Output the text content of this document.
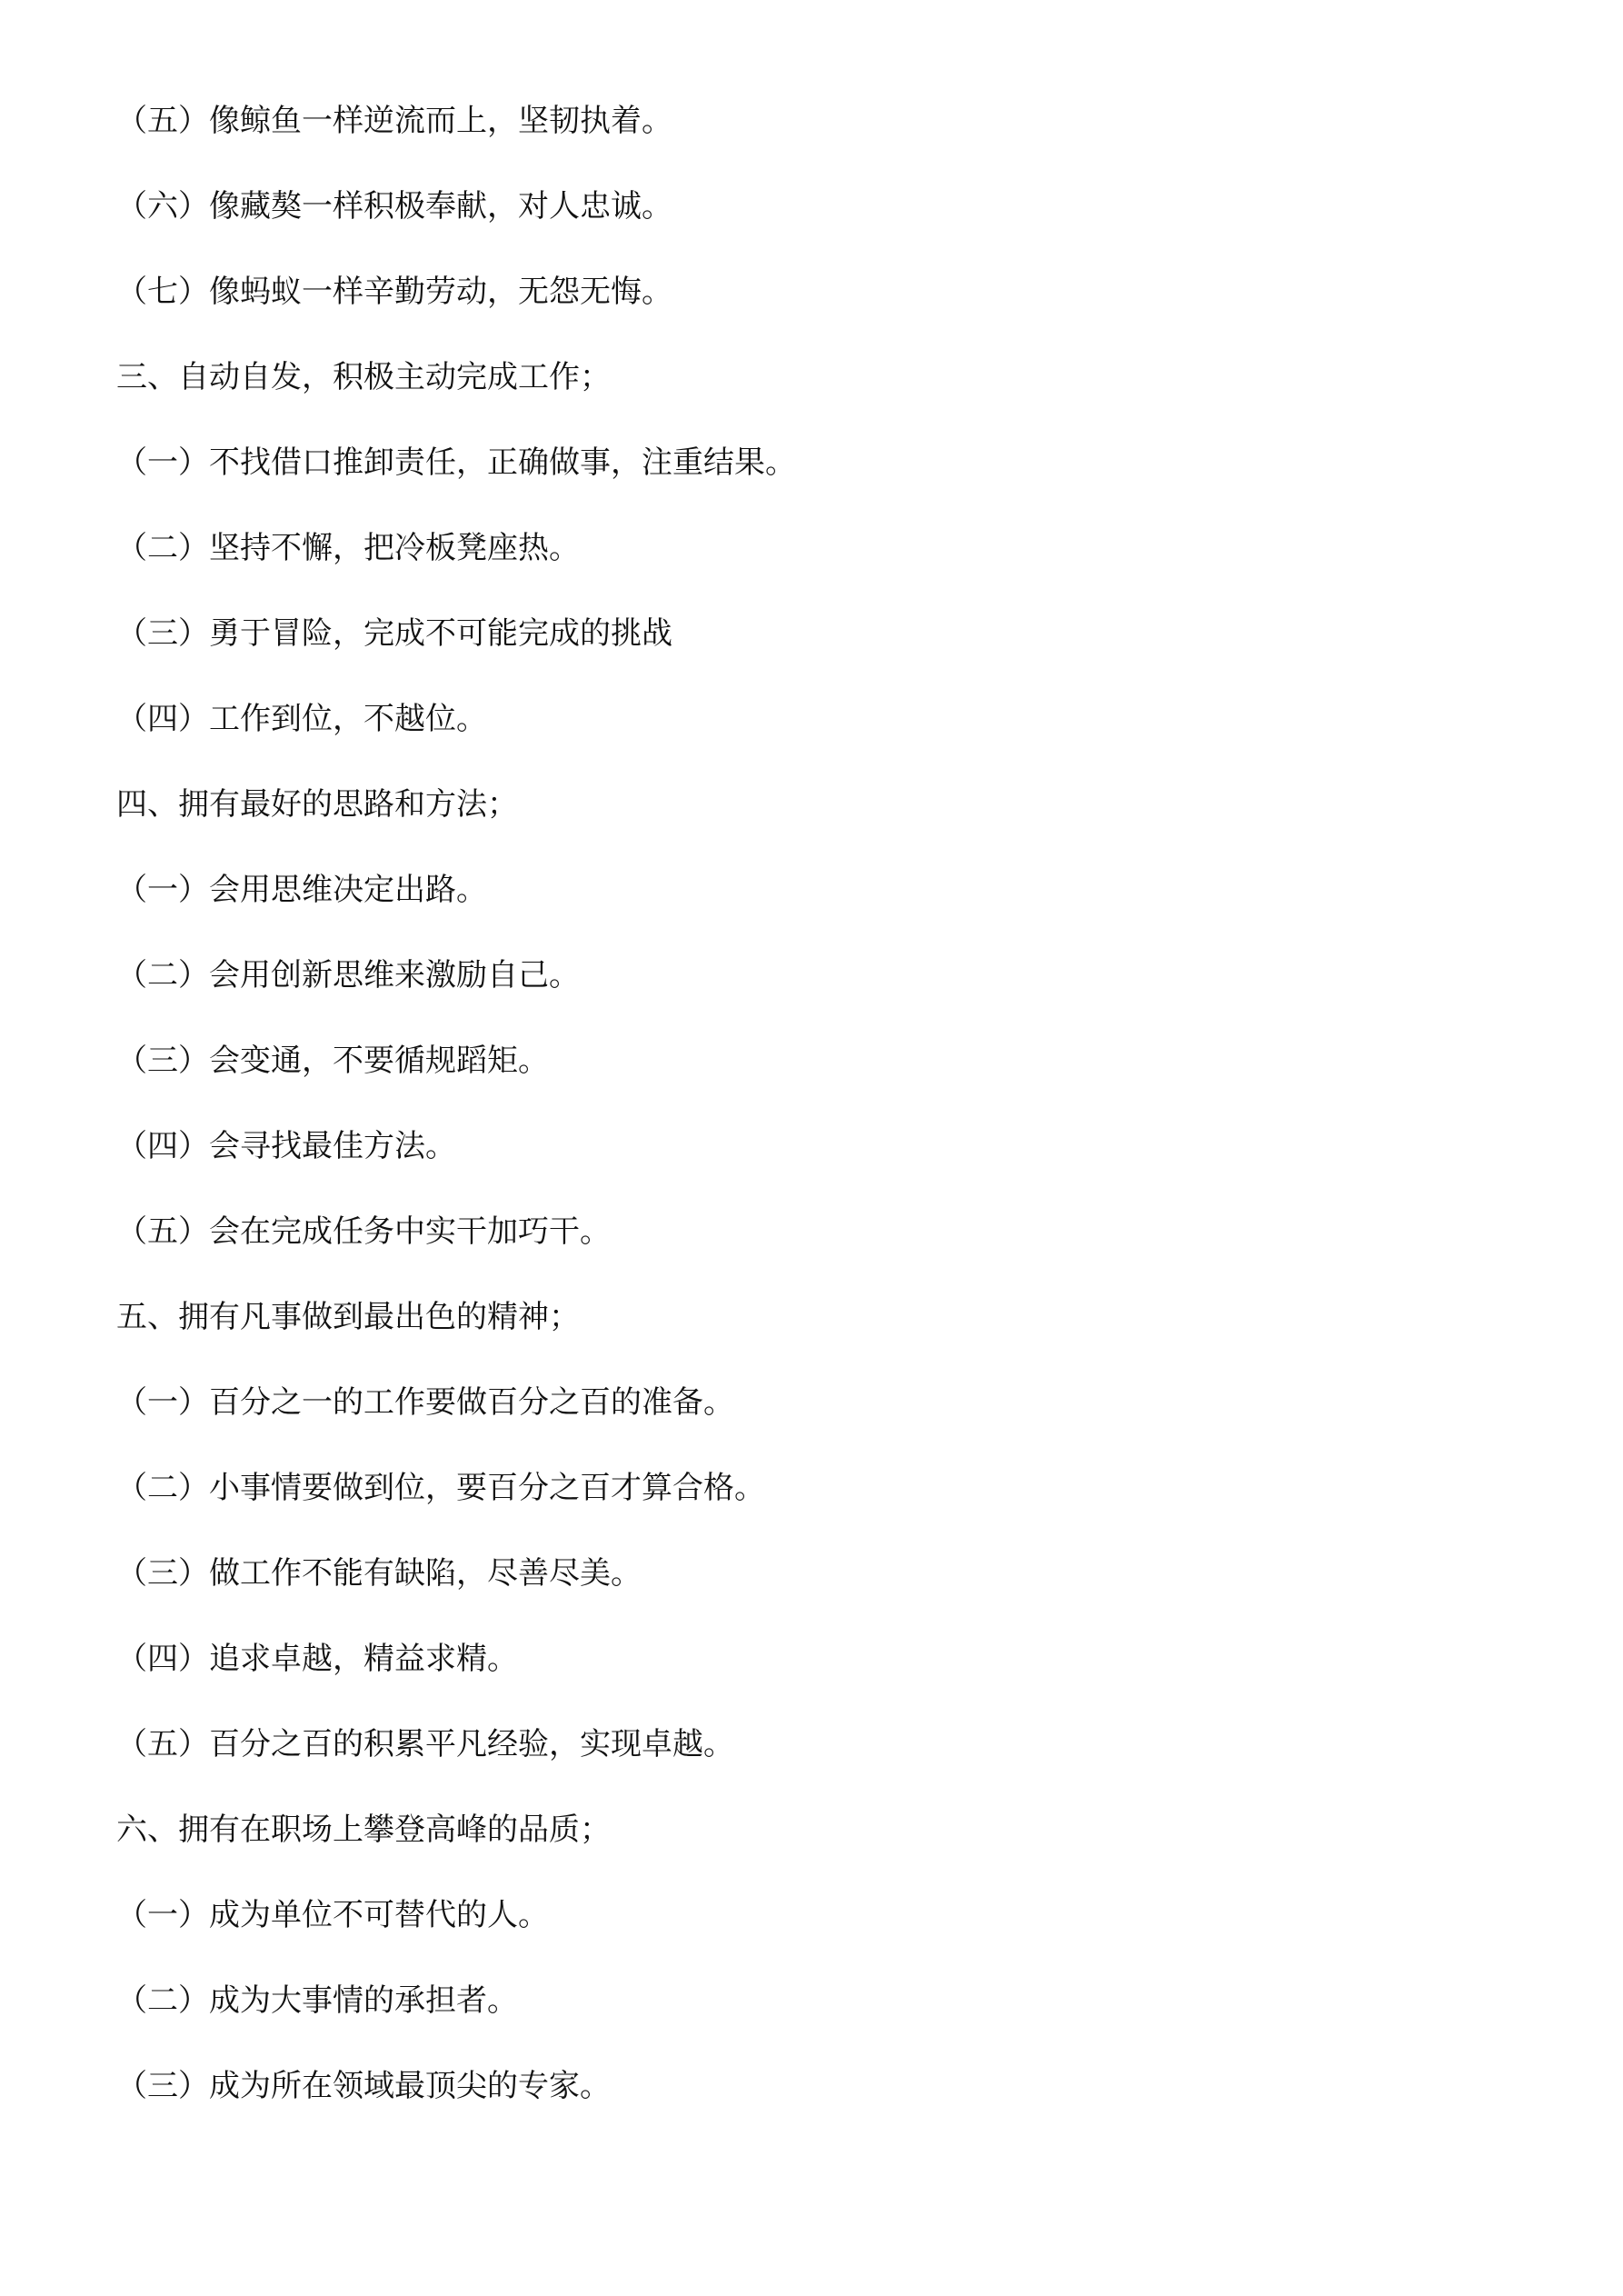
（五）像鲸鱼一样逆流而上，坚韧执着。
（六）像藏獒一样积极奉献，对人忠诚。
（七）像蚂蚁一样辛勤劳动，无怨无悔。
三、自动自发，积极主动完成工作；
（一）不找借口推卸责任，正确做事，注重结果。
（二）坚持不懈，把冷板凳座热。
（三）勇于冒险，完成不可能完成的挑战
（四）工作到位，不越位。
四、拥有最好的思路和方法；
（一）会用思维决定出路。
（二）会用创新思维来激励自己。
（三）会变通，不要循规蹈矩。
（四）会寻找最佳方法。
（五）会在完成任务中实干加巧干。
五、拥有凡事做到最出色的精神；
（一）百分之一的工作要做百分之百的准备。
（二）小事情要做到位，要百分之百才算合格。
（三）做工作不能有缺陷，尽善尽美。
（四）追求卓越，精益求精。
（五）百分之百的积累平凡经验，实现卓越。
六、拥有在职场上攀登高峰的品质；
（一）成为单位不可替代的人。
（二）成为大事情的承担者。
（三）成为所在领域最顶尖的专家。
